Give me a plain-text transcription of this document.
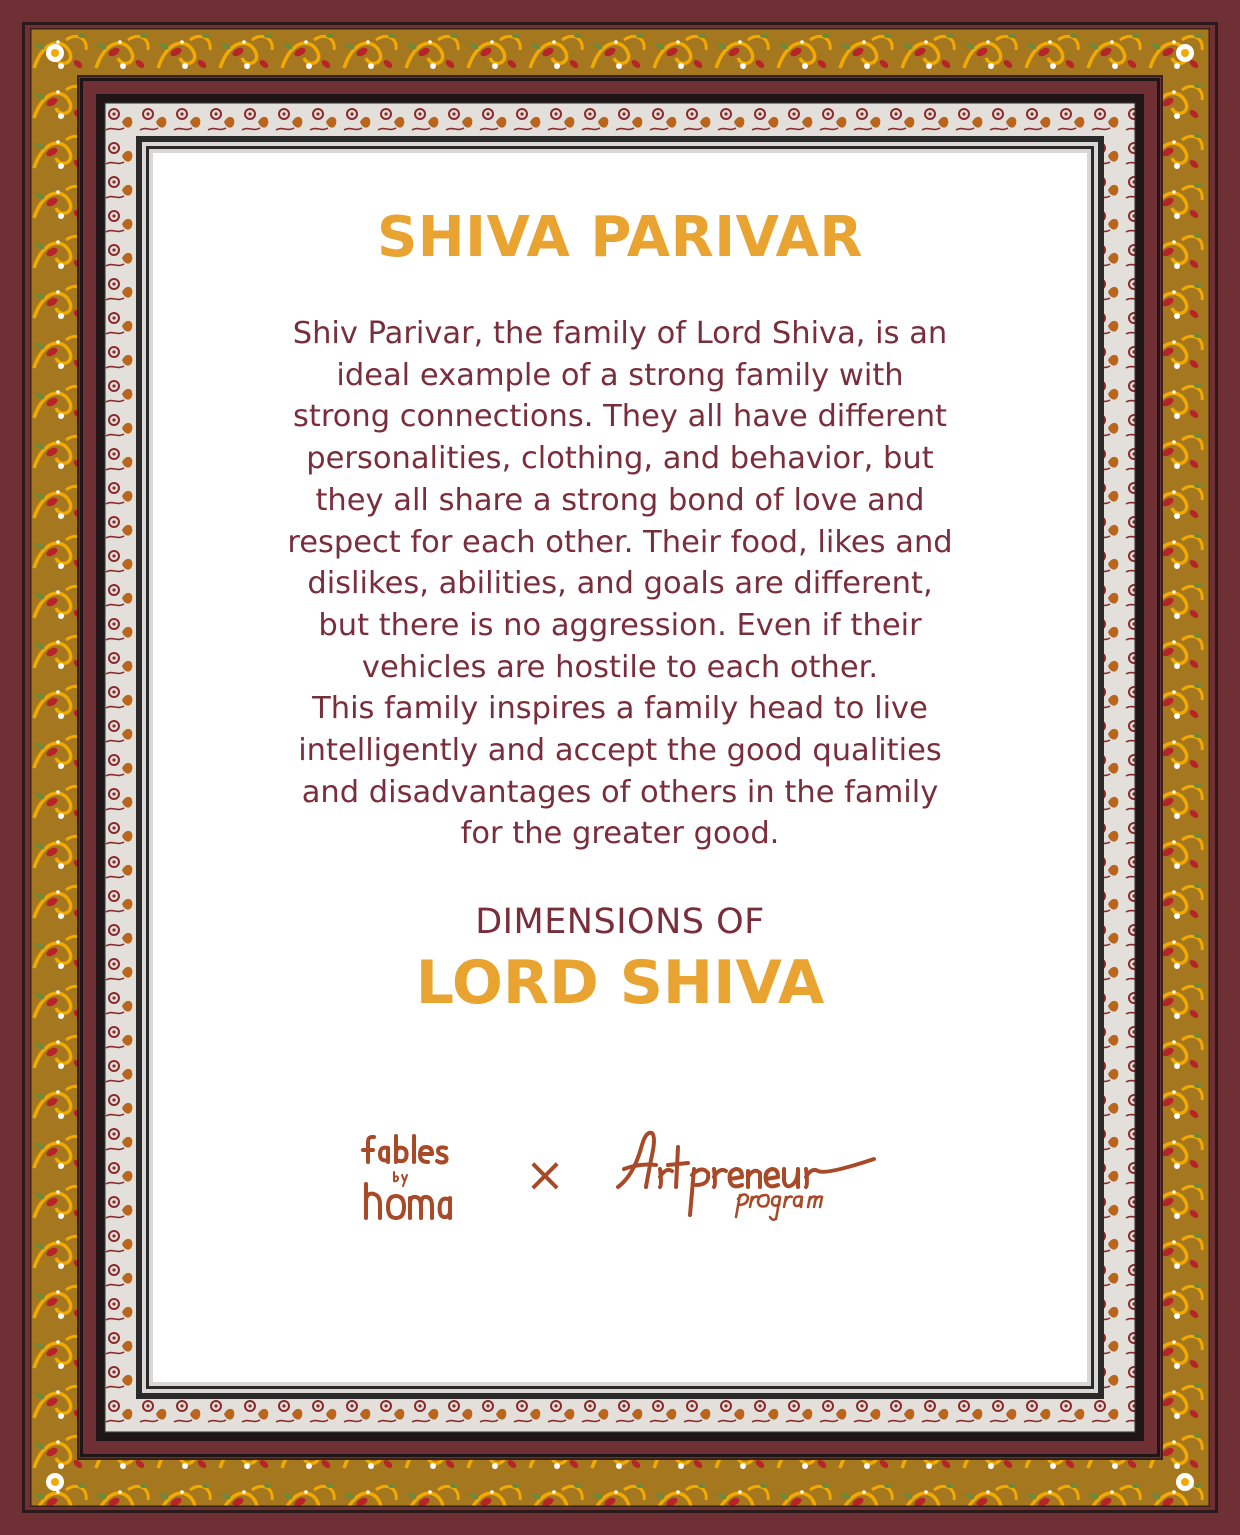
SHIVA PARIVAR
Shiv Parivar, the family of Lord Shiva, is an
ideal example of a strong family with
strong connections. They all have different
personalities, clothing, and behavior, but
they all share a strong bond of love and
respect for each other. Their food, likes and
dislikes, abilities, and goals are different,
but there is no aggression. Even if their
vehicles are hostile to each other.
This family inspires a family head to live
intelligently and accept the good qualities
and disadvantages of others in the family
for the greater good.
DIMENSIONS OF
LORD SHIVA
×
